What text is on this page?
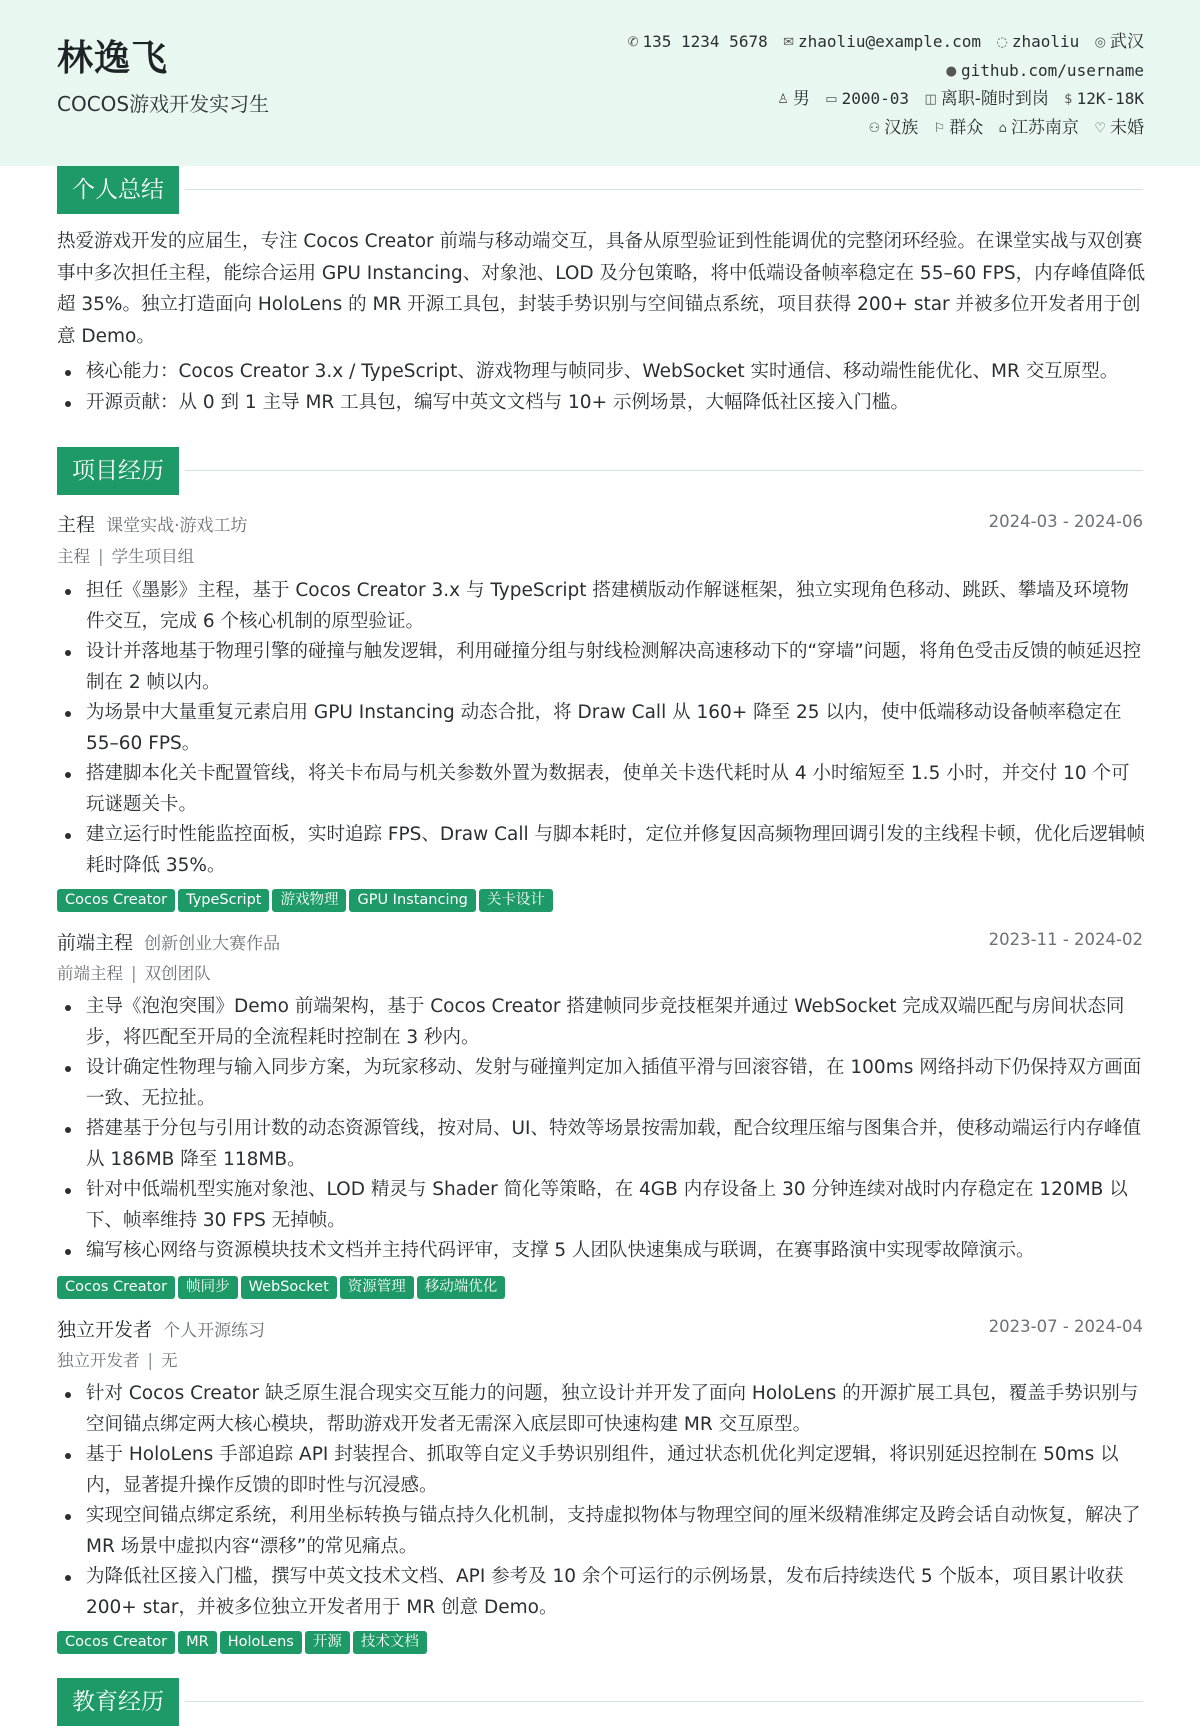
林逸飞
COCOS游戏开发实习生
✆ 135 1234 5678 ✉ zhaoliu@example.com ◌ zhaoliu ◎ 武汉
● github.com/username
♙ 男 ▭ 2000-03 ◫ 离职-随时到岗 $ 12K-18K
⚇ 汉族 ⚐ 群众 ⌂ 江苏南京 ♡ 未婚
个人总结
热爱游戏开发的应届生，专注 Cocos Creator 前端与移动端交互，具备从原型验证到性能调优的完整闭环经验。在课堂实战与双创赛事中多次担任主程，能综合运用 GPU Instancing、对象池、LOD 及分包策略，将中低端设备帧率稳定在 55–60 FPS，内存峰值降低超 35%。独立打造面向 HoloLens 的 MR 开源工具包，封装手势识别与空间锚点系统，项目获得 200+ star 并被多位开发者用于创意 Demo。
核心能力：Cocos Creator 3.x / TypeScript、游戏物理与帧同步、WebSocket 实时通信、移动端性能优化、MR 交互原型。
开源贡献：从 0 到 1 主导 MR 工具包，编写中英文文档与 10+ 示例场景，大幅降低社区接入门槛。
项目经历
主程 课堂实战·游戏工坊	2024-03 - 2024-06
主程 | 学生项目组
担任《墨影》主程，基于 Cocos Creator 3.x 与 TypeScript 搭建横版动作解谜框架，独立实现角色移动、跳跃、攀墙及环境物件交互，完成 6 个核心机制的原型验证。
设计并落地基于物理引擎的碰撞与触发逻辑，利用碰撞分组与射线检测解决高速移动下的“穿墙”问题，将角色受击反馈的帧延迟控制在 2 帧以内。
为场景中大量重复元素启用 GPU Instancing 动态合批，将 Draw Call 从 160+ 降至 25 以内，使中低端移动设备帧率稳定在 55–60 FPS。
搭建脚本化关卡配置管线，将关卡布局与机关参数外置为数据表，使单关卡迭代耗时从 4 小时缩短至 1.5 小时，并交付 10 个可玩谜题关卡。
建立运行时性能监控面板，实时追踪 FPS、Draw Call 与脚本耗时，定位并修复因高频物理回调引发的主线程卡顿，优化后逻辑帧耗时降低 35%。
Cocos Creator TypeScript 游戏物理 GPU Instancing 关卡设计
前端主程 创新创业大赛作品	2023-11 - 2024-02
前端主程 | 双创团队
主导《泡泡突围》Demo 前端架构，基于 Cocos Creator 搭建帧同步竞技框架并通过 WebSocket 完成双端匹配与房间状态同步，将匹配至开局的全流程耗时控制在 3 秒内。
设计确定性物理与输入同步方案，为玩家移动、发射与碰撞判定加入插值平滑与回滚容错，在 100ms 网络抖动下仍保持双方画面一致、无拉扯。
搭建基于分包与引用计数的动态资源管线，按对局、UI、特效等场景按需加载，配合纹理压缩与图集合并，使移动端运行内存峰值从 186MB 降至 118MB。
针对中低端机型实施对象池、LOD 精灵与 Shader 简化等策略，在 4GB 内存设备上 30 分钟连续对战时内存稳定在 120MB 以下、帧率维持 30 FPS 无掉帧。
编写核心网络与资源模块技术文档并主持代码评审，支撑 5 人团队快速集成与联调，在赛事路演中实现零故障演示。
Cocos Creator 帧同步 WebSocket 资源管理 移动端优化
独立开发者 个人开源练习	2023-07 - 2024-04
独立开发者 | 无
针对 Cocos Creator 缺乏原生混合现实交互能力的问题，独立设计并开发了面向 HoloLens 的开源扩展工具包，覆盖手势识别与空间锚点绑定两大核心模块，帮助游戏开发者无需深入底层即可快速构建 MR 交互原型。
基于 HoloLens 手部追踪 API 封装捏合、抓取等自定义手势识别组件，通过状态机优化判定逻辑，将识别延迟控制在 50ms 以内，显著提升操作反馈的即时性与沉浸感。
实现空间锚点绑定系统，利用坐标转换与锚点持久化机制，支持虚拟物体与物理空间的厘米级精准绑定及跨会话自动恢复，解决了 MR 场景中虚拟内容“漂移”的常见痛点。
为降低社区接入门槛，撰写中英文技术文档、API 参考及 10 余个可运行的示例场景，发布后持续迭代 5 个版本，项目累计收获 200+ star，并被多位独立开发者用于 MR 创意 Demo。
Cocos Creator MR HoloLens 开源 技术文档
教育经历
